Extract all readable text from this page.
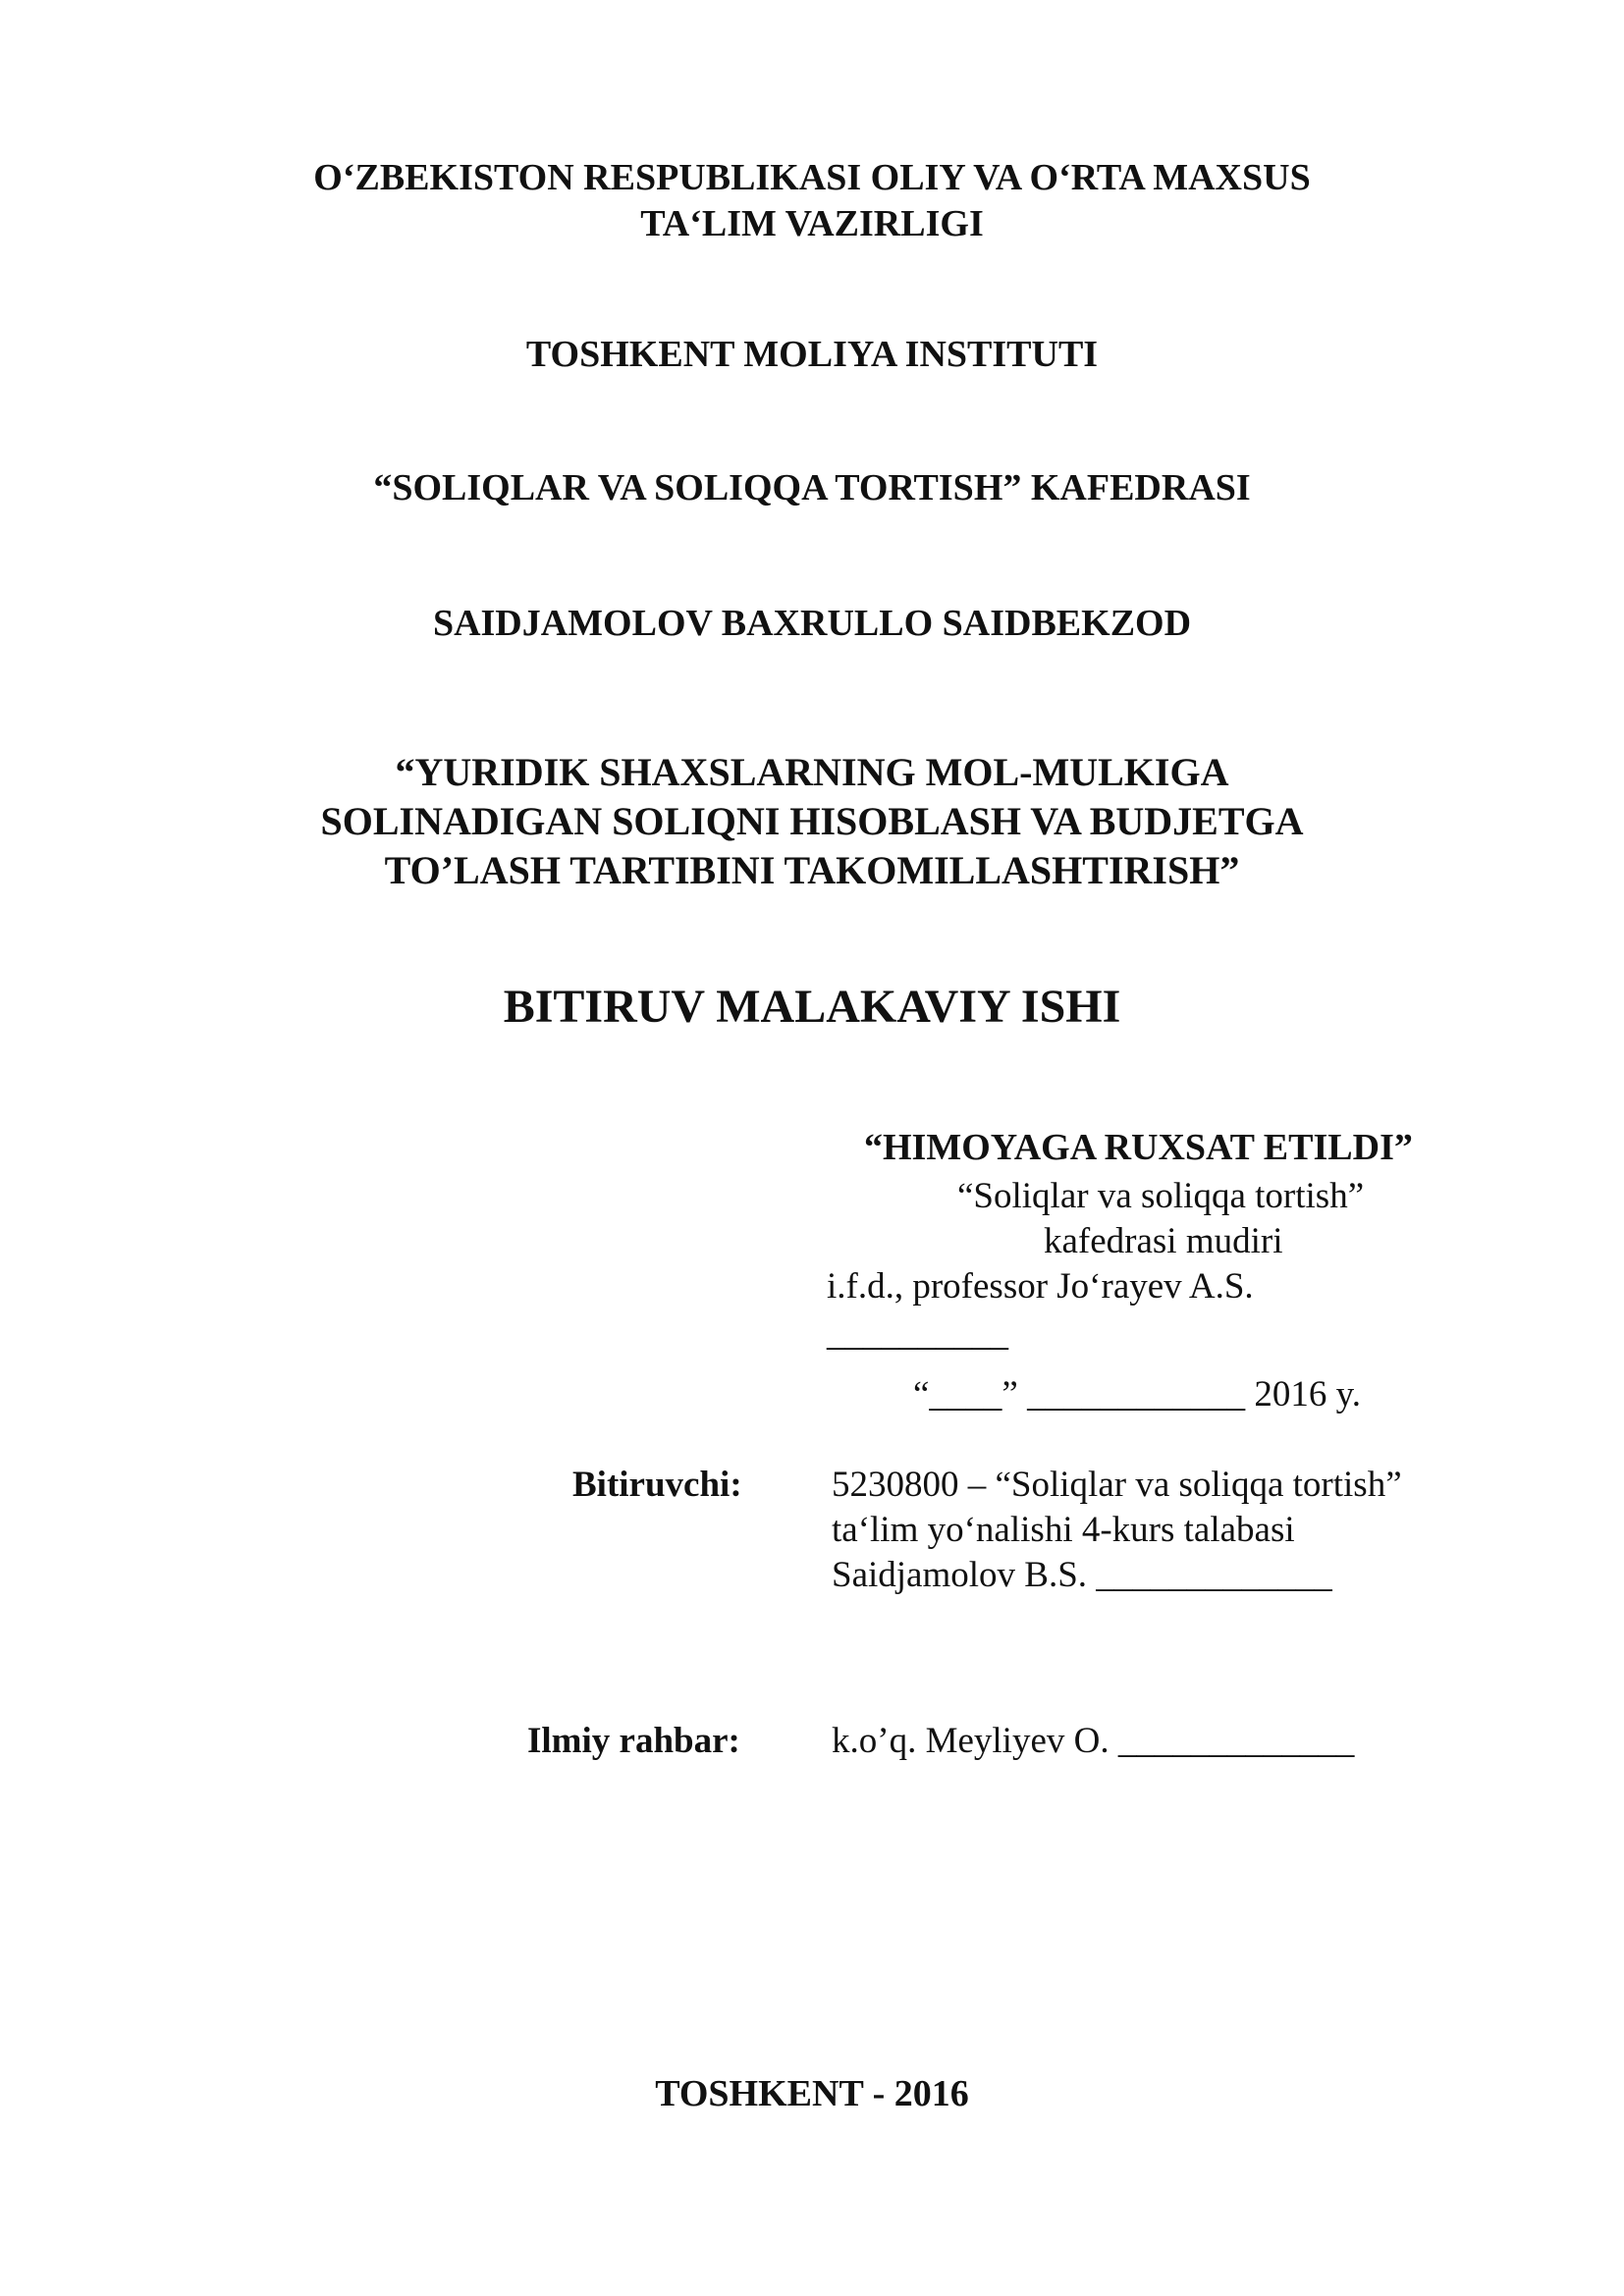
O‘ZBEKISTON RESPUBLIKASI OLIY VA O‘RTA MAXSUS
TA‘LIM VAZIRLIGI
TOSHKENT MOLIYA INSTITUTI
“SOLIQLAR VA SOLIQQA TORTISH” KAFEDRASI
SAIDJAMOLOV BAXRULLO SAIDBEKZOD
“YURIDIK SHAXSLARNING MOL-MULKIGA
SOLINADIGAN SOLIQNI HISOBLASH VA BUDJETGA
TO’LASH TARTIBINI TAKOMILLASHTIRISH”
BITIRUV MALAKAVIY ISHI
“HIMOYAGA RUXSAT ETILDI”
“Soliqlar va soliqqa tortish”
kafedrasi mudiri
i.f.d., professor Jo‘rayev A.S.
__________
“____” ____________ 2016 y.
Bitiruvchi: 5230800 – “Soliqlar va soliqqa tortish”
ta‘lim yo‘nalishi 4-kurs talabasi
Saidjamolov B.S. _____________
Ilmiy rahbar:	k.o’q. Meyliyev O. _____________
TOSHKENT - 2016
